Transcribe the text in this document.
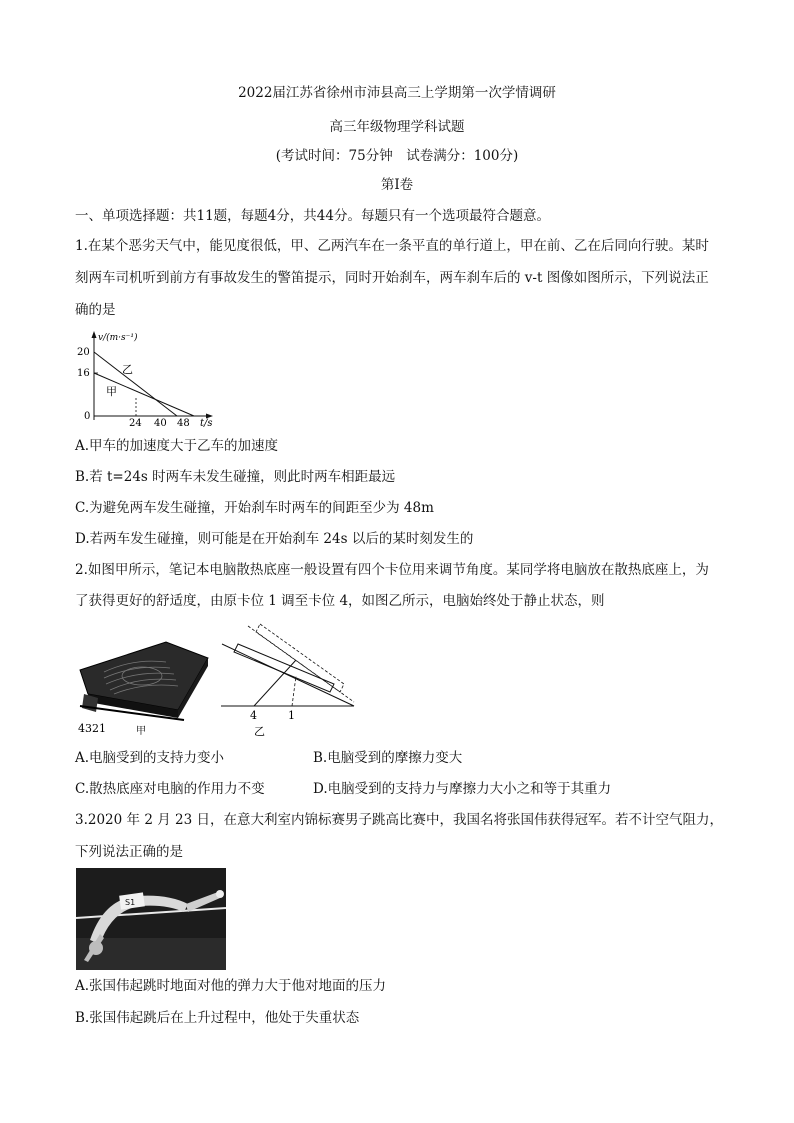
2022届江苏省徐州市沛县高三上学期第一次学情调研
高三年级物理学科试题
(考试时间：75分钟　试卷满分：100分)
第Ⅰ卷
一、单项选择题：共11题，每题4分，共44分。每题只有一个选项最符合题意。
1.在某个恶劣天气中，能见度很低，甲、乙两汽车在一条平直的单行道上，甲在前、乙在后同向行驶。某时
刻两车司机听到前方有事故发生的警笛提示，同时开始刹车，两车刹车后的 v-t 图像如图所示，下列说法正
确的是
v/(m·s⁻¹)
20
16
0
24 40 48 t/s
乙
甲
A.甲车的加速度大于乙车的加速度
B.若 t=24s 时两车未发生碰撞，则此时两车相距最远
C.为避免两车发生碰撞，开始刹车时两车的间距至少为 48m
D.若两车发生碰撞，则可能是在开始刹车 24s 以后的某时刻发生的
2.如图甲所示，笔记本电脑散热底座一般设置有四个卡位用来调节角度。某同学将电脑放在散热底座上，为
了获得更好的舒适度，由原卡位 1 调至卡位 4，如图乙所示，电脑始终处于静止状态，则
4321	甲
4	1
乙
A.电脑受到的支持力变小	B.电脑受到的摩擦力变大
C.散热底座对电脑的作用力不变	D.电脑受到的支持力与摩擦力大小之和等于其重力
3.2020 年 2 月 23 日，在意大利室内锦标赛男子跳高比赛中，我国名将张国伟获得冠军。若不计空气阻力，
下列说法正确的是
S1
A.张国伟起跳时地面对他的弹力大于他对地面的压力
B.张国伟起跳后在上升过程中，他处于失重状态
